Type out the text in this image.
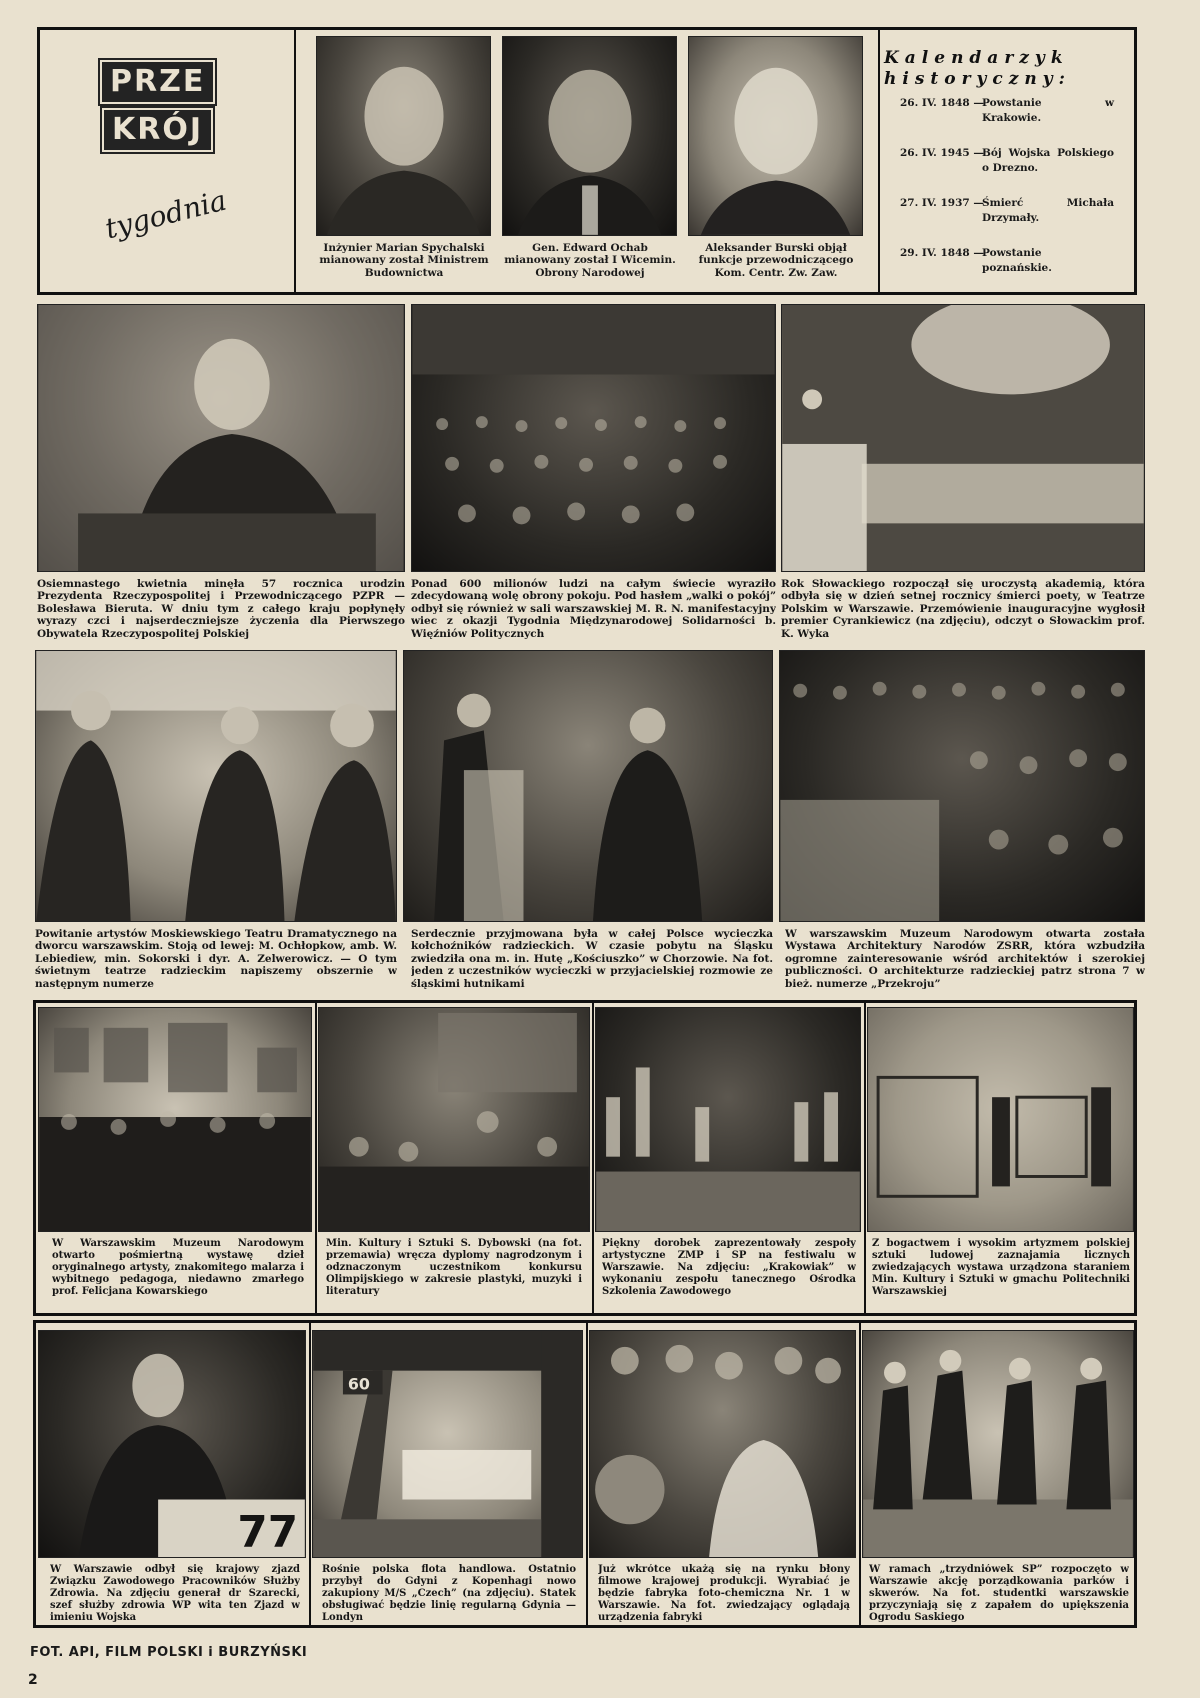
PRZE
KRÓJ
tygodnia
Inżynier Marian Spychalski mianowany został Ministrem Budownictwa
Gen. Edward Ochab mianowany został I Wicemin. Obrony Narodowej
Aleksander Burski objął funkcje przewodniczącego Kom. Centr. Zw. Zaw.
Kalendarzyk historyczny:
26. IV. 1848 —
Powstanie w Krakowie.
26. IV. 1945 —
Bój Wojska Polskiego o Drezno.
27. IV. 1937 —
Śmierć Michała Drzymały.
29. IV. 1848 —
Powstanie poznańskie.
Osiemnastego kwietnia minęła 57 rocznica urodzin Prezydenta Rzeczypospolitej i Przewodniczącego PZPR — Bolesława Bieruta. W dniu tym z całego kraju popłynęły wyrazy czci i najserdeczniejsze życzenia dla Pierwszego Obywatela Rzeczypospolitej Polskiej
Ponad 600 milionów ludzi na całym świecie wyraziło zdecydowaną wolę obrony pokoju. Pod hasłem „walki o pokój” odbył się również w sali warszawskiej M. R. N. manifestacyjny wiec z okazji Tygodnia Międzynarodowej Solidarności b. Więźniów Politycznych
Rok Słowackiego rozpoczął się uroczystą akademią, która odbyła się w dzień setnej rocznicy śmierci poety, w Teatrze Polskim w Warszawie. Przemówienie inauguracyjne wygłosił premier Cyrankiewicz (na zdjęciu), odczyt o Słowackim prof. K. Wyka
Powitanie artystów Moskiewskiego Teatru Dramatycznego na dworcu warszawskim. Stoją od lewej: M. Ochłopkow, amb. W. Lebiediew, min. Sokorski i dyr. A. Zelwerowicz. — O tym świetnym teatrze radzieckim napiszemy obszernie w następnym numerze
Serdecznie przyjmowana była w całej Polsce wycieczka kołchoźników radzieckich. W czasie pobytu na Śląsku zwiedziła ona m. in. Hutę „Kościuszko” w Chorzowie. Na fot. jeden z uczestników wycieczki w przyjacielskiej rozmowie ze śląskimi hutnikami
W warszawskim Muzeum Narodowym otwarta została Wystawa Architektury Narodów ZSRR, która wzbudziła ogromne zainteresowanie wśród architektów i szerokiej publiczności. O architekturze radzieckiej patrz strona 7 w bież. numerze „Przekroju”
W Warszawskim Muzeum Narodowym otwarto pośmiertną wystawę dzieł oryginalnego artysty, znakomitego malarza i wybitnego pedagoga, niedawno zmarłego prof. Felicjana Kowarskiego
Min. Kultury i Sztuki S. Dybowski (na fot. przemawia) wręcza dyplomy nagrodzonym i odznaczonym uczestnikom konkursu Olimpijskiego w zakresie plastyki, muzyki i literatury
Piękny dorobek zaprezentowały zespoły artystyczne ZMP i SP na festiwalu w Warszawie. Na zdjęciu: „Krakowiak” w wykonaniu zespołu tanecznego Ośrodka Szkolenia Zawodowego
Z bogactwem i wysokim artyzmem polskiej sztuki ludowej zaznajamia licznych zwiedzających wystawa urządzona staraniem Min. Kultury i Sztuki w gmachu Politechniki Warszawskiej
77
60
W Warszawie odbył się krajowy zjazd Związku Zawodowego Pracowników Służby Zdrowia. Na zdjęciu generał dr Szarecki, szef służby zdrowia WP wita ten Zjazd w imieniu Wojska
Rośnie polska flota handlowa. Ostatnio przybył do Gdyni z Kopenhagi nowo zakupiony M/S „Czech” (na zdjęciu). Statek obsługiwać będzie linię regularną Gdynia — Londyn
Już wkrótce ukażą się na rynku błony filmowe krajowej produkcji. Wyrabiać je będzie fabryka foto-chemiczna Nr. 1 w Warszawie. Na fot. zwiedzający oglądają urządzenia fabryki
W ramach „trzydniówek SP” rozpoczęto w Warszawie akcję porządkowania parków i skwerów. Na fot. studentki warszawskie przyczyniają się z zapałem do upiększenia Ogrodu Saskiego
FOT. API, FILM POLSKI i BURZYŃSKI
2
